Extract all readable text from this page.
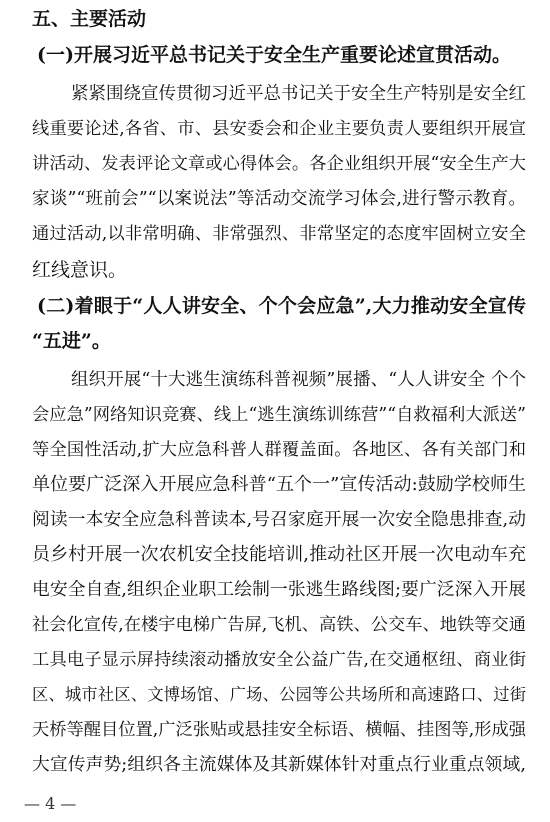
五、主要活动
(一)开展习近平总书记关于安全生产重要论述宣贯活动。
紧紧围绕宣传贯彻习近平总书记关于安全生产特别是安全红
线重要论述,各省、市、县安委会和企业主要负责人要组织开展宣
讲活动、发表评论文章或心得体会。各企业组织开展“安全生产大
家谈”“班前会”“以案说法”等活动交流学习体会,进行警示教育。
通过活动,以非常明确、非常强烈、非常坚定的态度牢固树立安全
红线意识。
(二)着眼于“人人讲安全、个个会应急”,大力推动安全宣传
“五进”。
组织开展“十大逃生演练科普视频”展播、“人人讲安全 个个
会应急”网络知识竞赛、线上“逃生演练训练营”“自救福利大派送”
等全国性活动,扩大应急科普人群覆盖面。各地区、各有关部门和
单位要广泛深入开展应急科普“五个一”宣传活动:鼓励学校师生
阅读一本安全应急科普读本,号召家庭开展一次安全隐患排查,动
员乡村开展一次农机安全技能培训,推动社区开展一次电动车充
电安全自查,组织企业职工绘制一张逃生路线图;要广泛深入开展
社会化宣传,在楼宇电梯广告屏,飞机、高铁、公交车、地铁等交通
工具电子显示屏持续滚动播放安全公益广告,在交通枢纽、商业街
区、城市社区、文博场馆、广场、公园等公共场所和高速路口、过街
天桥等醒目位置,广泛张贴或悬挂安全标语、横幅、挂图等,形成强
大宣传声势;组织各主流媒体及其新媒体针对重点行业重点领域,
— 4 —
